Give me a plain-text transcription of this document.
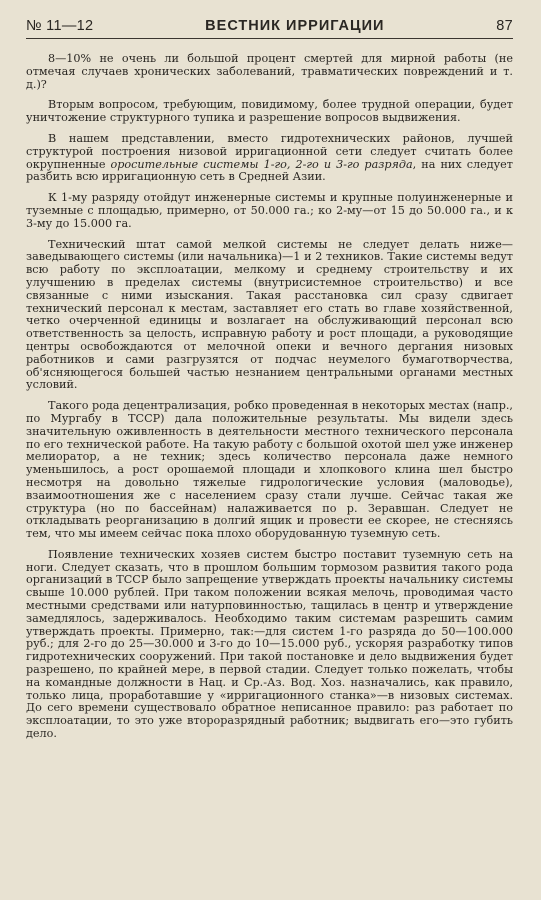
№ 11—12	ВЕСТНИК ИРРИГАЦИИ	87

8—10% не очень ли большой процент смертей для мирной работы (не отмечая случаев хронических заболеваний, травматических повреждений и т. д.)?

Вторым вопросом, требующим, повидимому, более трудной операции, будет уничтожение структурного тупика и разрешение вопросов выдвижения.

В нашем представлении, вместо гидротехнических районов, лучшей структурой построения низовой ирригационной сети следует считать более окрупненные оросительные системы 1-го, 2-го и 3-го разряда, на них следует разбить всю ирригационную сеть в Средней Азии.

К 1-му разряду отойдут инженерные системы и крупные полуинженерные и туземные с площадью, примерно, от 50.000 га.; ко 2-му—от 15 до 50.000 га., и к 3-му до 15.000 га.

Технический штат самой мелкой системы не следует делать ниже—заведывающего системы (или начальника)—1 и 2 техников. Такие системы ведут всю работу по эксплоатации, мелкому и среднему строительству и их улучшению в пределах системы (внутрисистемное строительство) и все связанные с ними изыскания. Такая расстановка сил сразу сдвигает технический персонал к местам, заставляет его стать во главе хозяйственной, четко очерченной единицы и возлагает на обслуживающий персонал всю ответственность за целость, исправную работу и рост площади, а руководящие центры освобождаются от мелочной опеки и вечного дергания низовых работников и сами разгрузятся от подчас неумелого бумаготворчества, об'ясняющегося большей частью незнанием центральными органами местных условий.

Такого рода децентрализация, робко проведенная в некоторых местах (напр., по Мургабу в ТССР) дала положительные результаты. Мы видели здесь значительную оживленность в деятельности местного технического персонала по его технической работе. На такую работу с большой охотой шел уже инженер мелиоратор, а не техник; здесь количество персонала даже немного уменьшилось, а рост орошаемой площади и хлопкового клина шел быстро несмотря на довольно тяжелые гидрологические условия (маловодье), взаимоотношения же с населением сразу стали лучше. Сейчас такая же структура (но по бассейнам) налаживается по р. Зеравшан. Следует не откладывать реорганизацию в долгий ящик и провести ее скорее, не стесняясь тем, что мы имеем сейчас пока плохо оборудованную туземную сеть.

Появление технических хозяев систем быстро поставит туземную сеть на ноги. Следует сказать, что в прошлом большим тормозом развития такого рода организаций в ТССР было запрещение утверждать проекты начальнику системы свыше 10.000 рублей. При таком положении всякая мелочь, проводимая часто местными средствами или натурповинностью, тащилась в центр и утверждение замедлялось, задерживалось. Необходимо таким системам разрешить самим утверждать проекты. Примерно, так:—для систем 1-го разряда до 50—100.000 руб.; для 2-го до 25—30.000 и 3-го до 10—15.000 руб., ускоряя разработку типов гидротехнических сооружений. При такой постановке и дело выдвижения будет разрешено, по крайней мере, в первой стадии. Следует только пожелать, чтобы на командные должности в Нац. и Ср.-Аз. Вод. Хоз. назначались, как правило, только лица, проработавшие у «ирригационного станка»—в низовых системах. До сего времени существовало обратное неписанное правило: раз работает по эксплоатации, то это уже второразрядный работник; выдвигать его—это губить дело.
